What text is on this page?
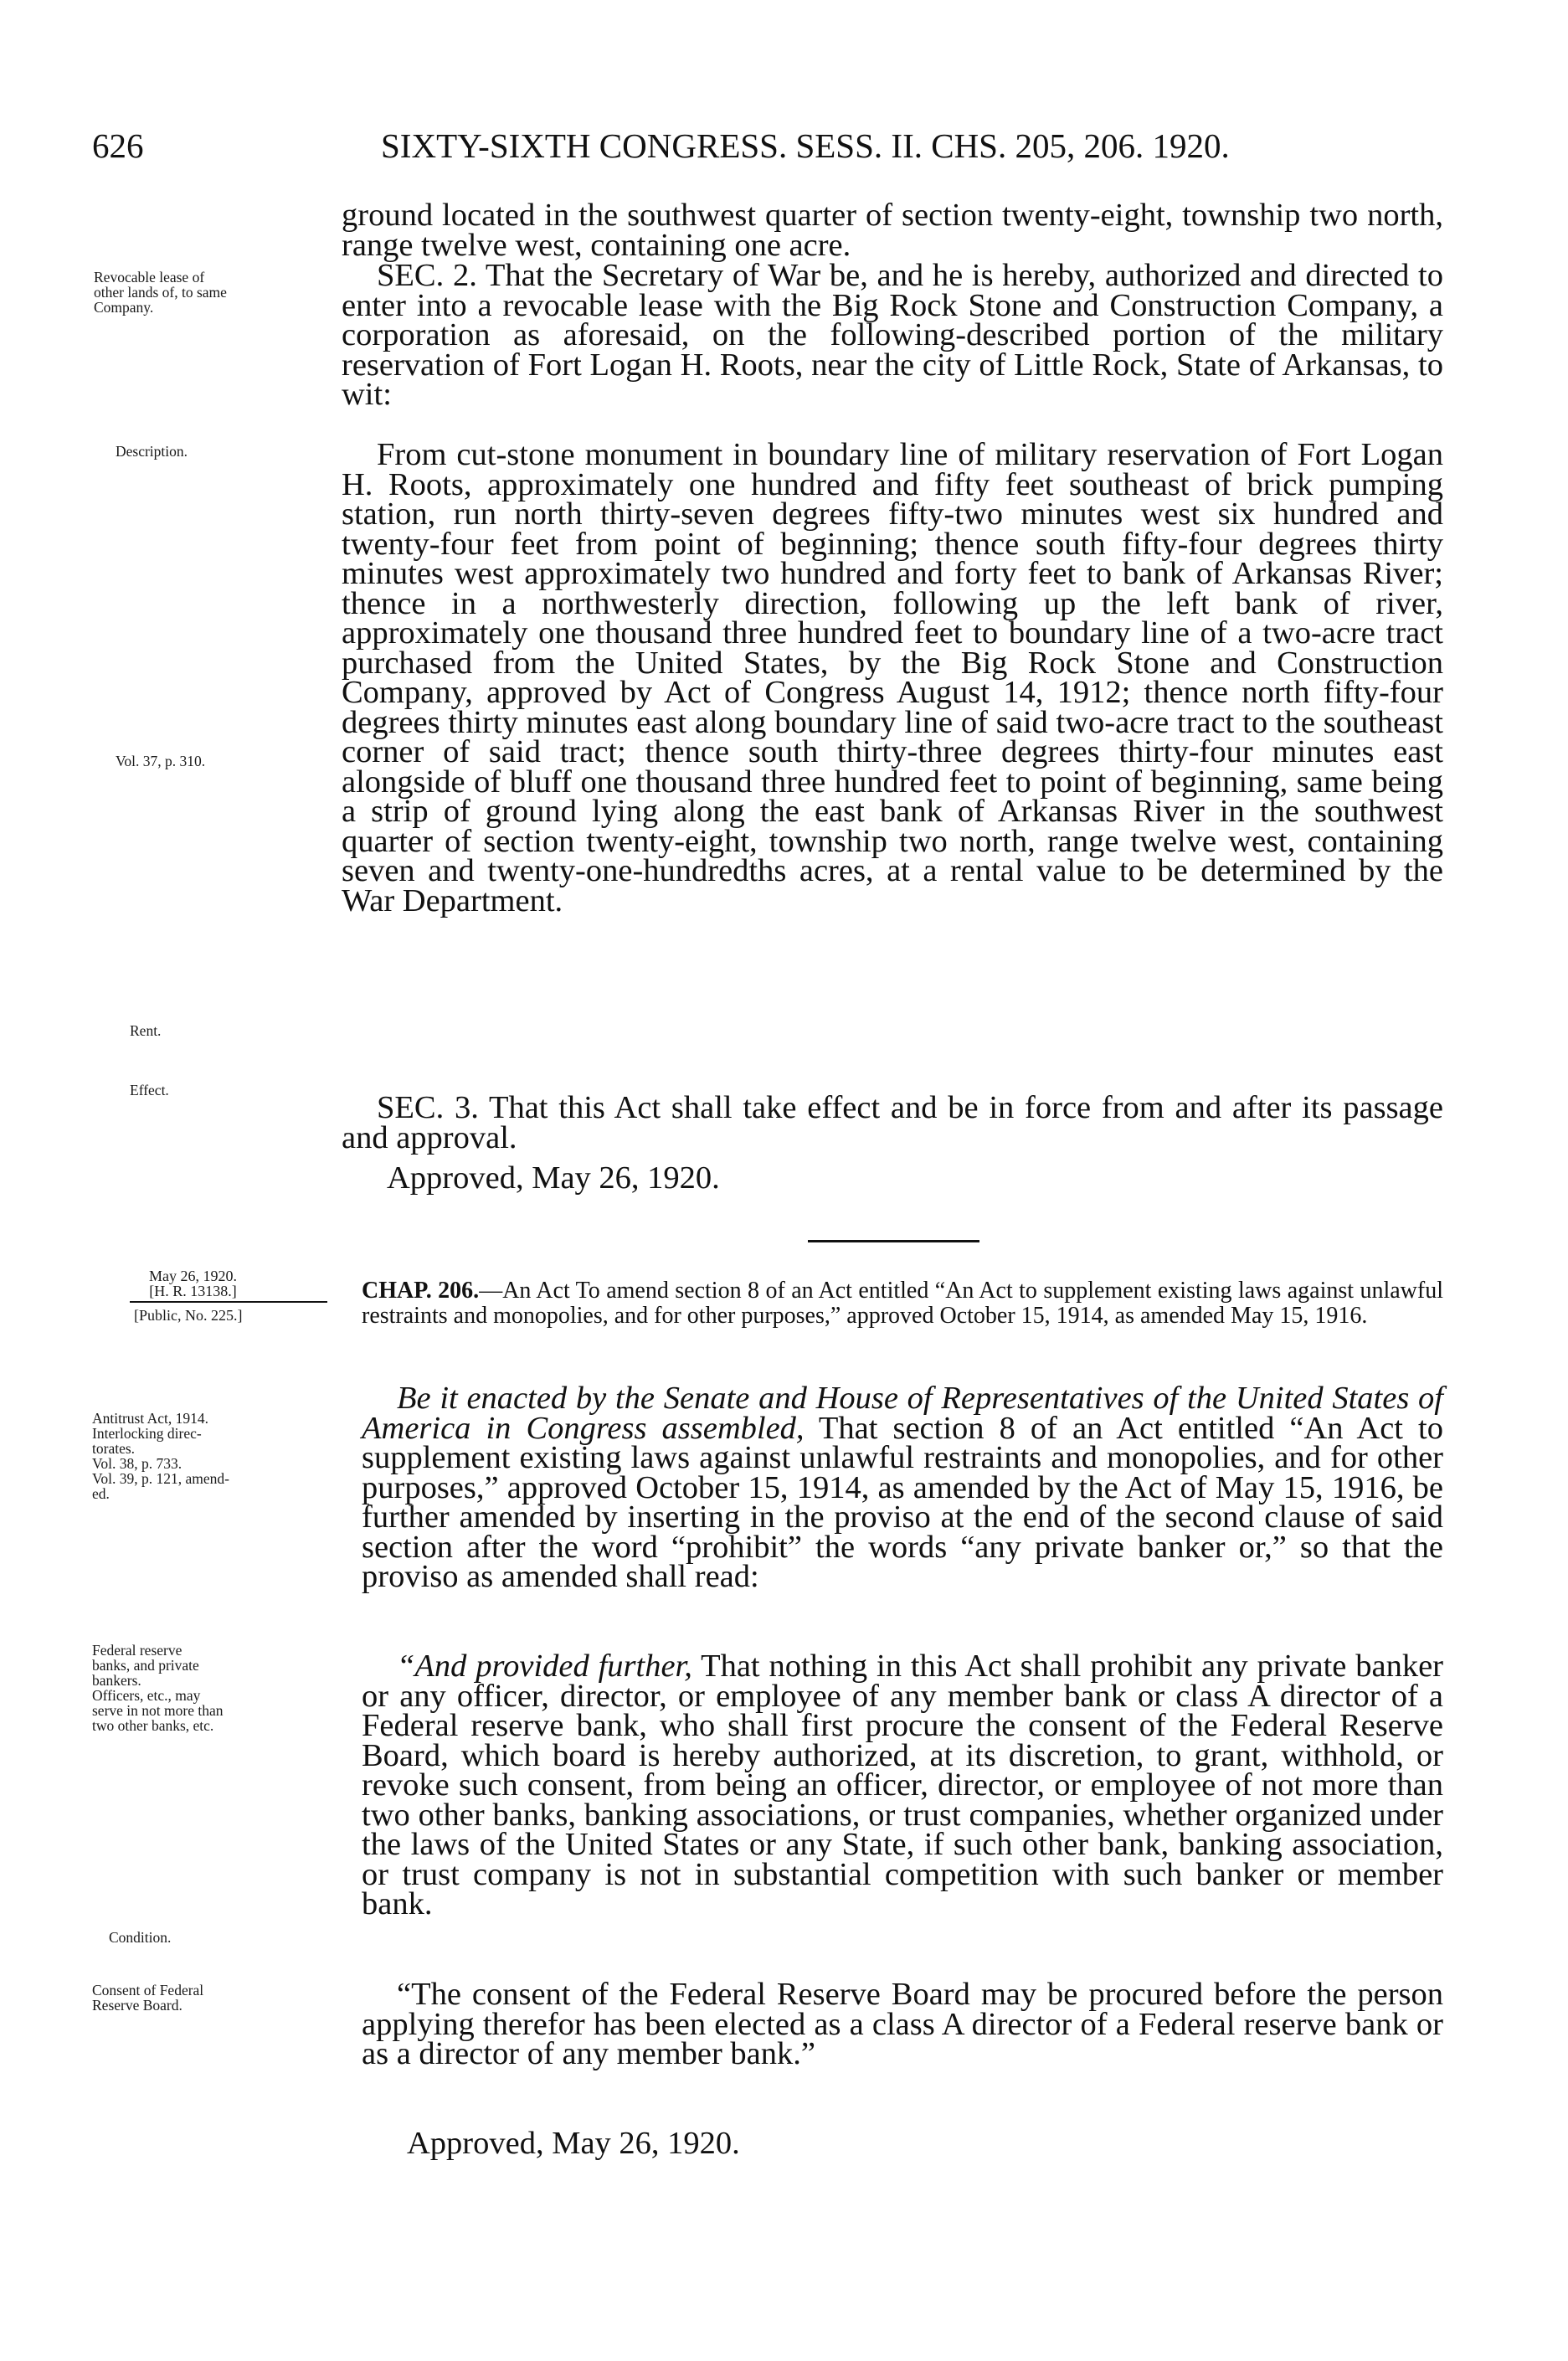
626	SIXTY-SIXTH CONGRESS. SESS. II. CHS. 205, 206. 1920.

ground located in the southwest quarter of section twenty-eight, township two north, range twelve west, containing one acre.

SEC. 2. That the Secretary of War be, and he is hereby, authorized and directed to enter into a revocable lease with the Big Rock Stone and Construction Company, a corporation as aforesaid, on the following-described portion of the military reservation of Fort Logan H. Roots, near the city of Little Rock, State of Arkansas, to wit:

From cut-stone monument in boundary line of military reservation of Fort Logan H. Roots, approximately one hundred and fifty feet southeast of brick pumping station, run north thirty-seven degrees fifty-two minutes west six hundred and twenty-four feet from point of beginning; thence south fifty-four degrees thirty minutes west approximately two hundred and forty feet to bank of Arkansas River; thence in a northwesterly direction, following up the left bank of river, approximately one thousand three hundred feet to boundary line of a two-acre tract purchased from the United States, by the Big Rock Stone and Construction Company, approved by Act of Congress August 14, 1912; thence north fifty-four degrees thirty minutes east along boundary line of said two-acre tract to the southeast corner of said tract; thence south thirty-three degrees thirty-four minutes east alongside of bluff one thousand three hundred feet to point of beginning, same being a strip of ground lying along the east bank of Arkansas River in the southwest quarter of section twenty-eight, township two north, range twelve west, containing seven and twenty-one-hundredths acres, at a rental value to be determined by the War Department.

SEC. 3. That this Act shall take effect and be in force from and after its passage and approval.

Approved, May 26, 1920.

Revocable lease of
other lands of, to same
Company.
Description.
Vol. 37, p. 310.
Rent.
Effect.
May 26, 1920.
[H. R. 13138.]
[Public, No. 225.]
CHAP. 206.—An Act To amend section 8 of an Act entitled “An Act to supplement existing laws against unlawful restraints and monopolies, and for other purposes,” approved October 15, 1914, as amended May 15, 1916.

Be it enacted by the Senate and House of Representatives of the United States of America in Congress assembled, That section 8 of an Act entitled “An Act to supplement existing laws against unlawful restraints and monopolies, and for other purposes,” approved October 15, 1914, as amended by the Act of May 15, 1916, be further amended by inserting in the proviso at the end of the second clause of said section after the word “prohibit” the words “any private banker or,” so that the proviso as amended shall read:

“And provided further, That nothing in this Act shall prohibit any private banker or any officer, director, or employee of any member bank or class A director of a Federal reserve bank, who shall first procure the consent of the Federal Reserve Board, which board is hereby authorized, at its discretion, to grant, withhold, or revoke such consent, from being an officer, director, or employee of not more than two other banks, banking associations, or trust companies, whether organized under the laws of the United States or any State, if such other bank, banking association, or trust company is not in substantial competition with such banker or member bank.

“The consent of the Federal Reserve Board may be procured before the person applying therefor has been elected as a class A director of a Federal reserve bank or as a director of any member bank.”

Approved, May 26, 1920.

Antitrust Act, 1914.
Interlocking direc-
torates.
Vol. 38, p. 733.
Vol. 39, p. 121, amend-
ed.
Federal reserve
banks, and private
bankers.
Officers, etc., may
serve in not more than
two other banks, etc.
Condition.
Consent of Federal
Reserve Board.
